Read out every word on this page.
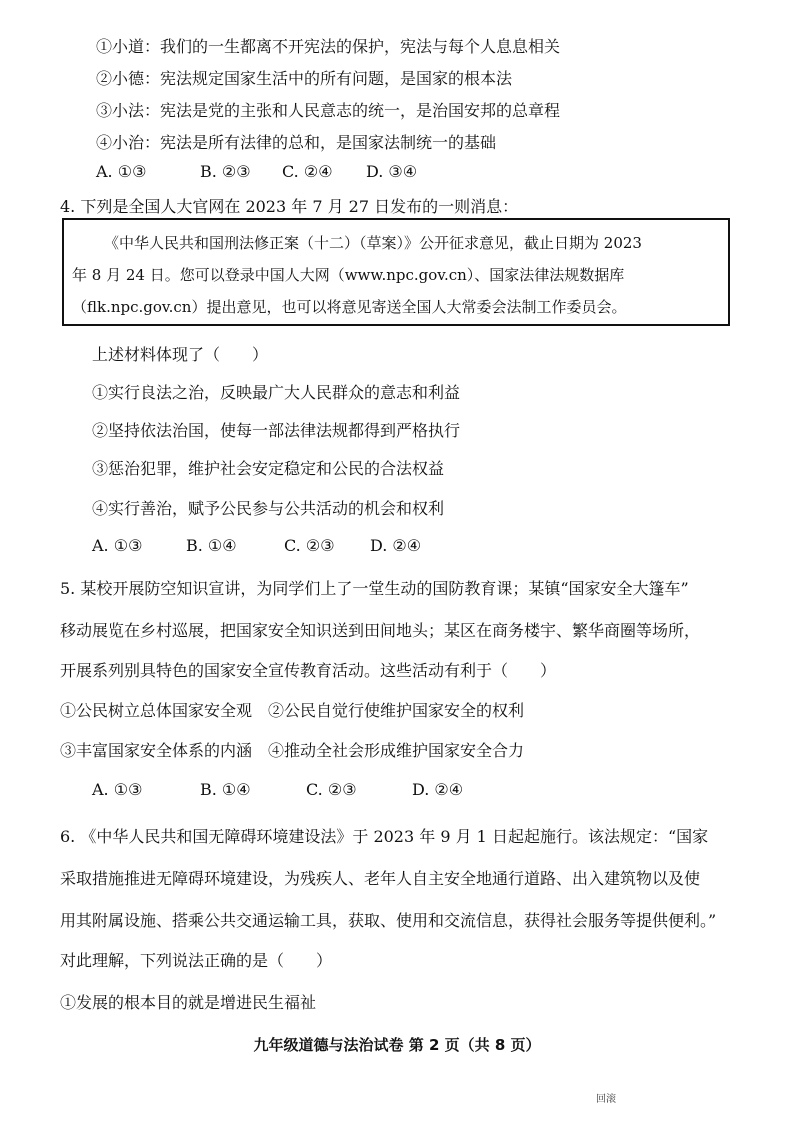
①小道：我们的一生都离不开宪法的保护，宪法与每个人息息相关
②小德：宪法规定国家生活中的所有问题，是国家的根本法
③小法：宪法是党的主张和人民意志的统一，是治国安邦的总章程
④小治：宪法是所有法律的总和，是国家法制统一的基础
A. ①③	B. ②③ C. ②④ D. ③④
4. 下列是全国人大官网在 2023 年 7 月 27 日发布的一则消息：
《中华人民共和国刑法修正案（十二）（草案）》公开征求意见，截止日期为 2023
年 8 月 24 日。您可以登录中国人大网（www.npc.gov.cn）、国家法律法规数据库
（flk.npc.gov.cn）提出意见，也可以将意见寄送全国人大常委会法制工作委员会。
上述材料体现了（　　）
①实行良法之治，反映最广大人民群众的意志和利益
②坚持依法治国，使每一部法律法规都得到严格执行
③惩治犯罪，维护社会安定稳定和公民的合法权益
④实行善治，赋予公民参与公共活动的机会和权利
A. ①③	B. ①④	C. ②③ D. ②④
5. 某校开展防空知识宣讲，为同学们上了一堂生动的国防教育课；某镇“国家安全大篷车”
移动展览在乡村巡展，把国家安全知识送到田间地头；某区在商务楼宇、繁华商圈等场所，
开展系列别具特色的国家安全宣传教育活动。这些活动有利于（　　）
①公民树立总体国家安全观　②公民自觉行使维护国家安全的权利
③丰富国家安全体系的内涵　④推动全社会形成维护国家安全合力
A. ①③	B. ①④	C. ②③	D. ②④
6. 《中华人民共和国无障碍环境建设法》于 2023 年 9 月 1 日起起施行。该法规定：“国家
采取措施推进无障碍环境建设，为残疾人、老年人自主安全地通行道路、出入建筑物以及使
用其附属设施、搭乘公共交通运输工具，获取、使用和交流信息，获得社会服务等提供便利。”
对此理解，下列说法正确的是（　　）
①发展的根本目的就是增进民生福祉
九年级道德与法治试卷 第 2 页（共 8 页）
回滚
